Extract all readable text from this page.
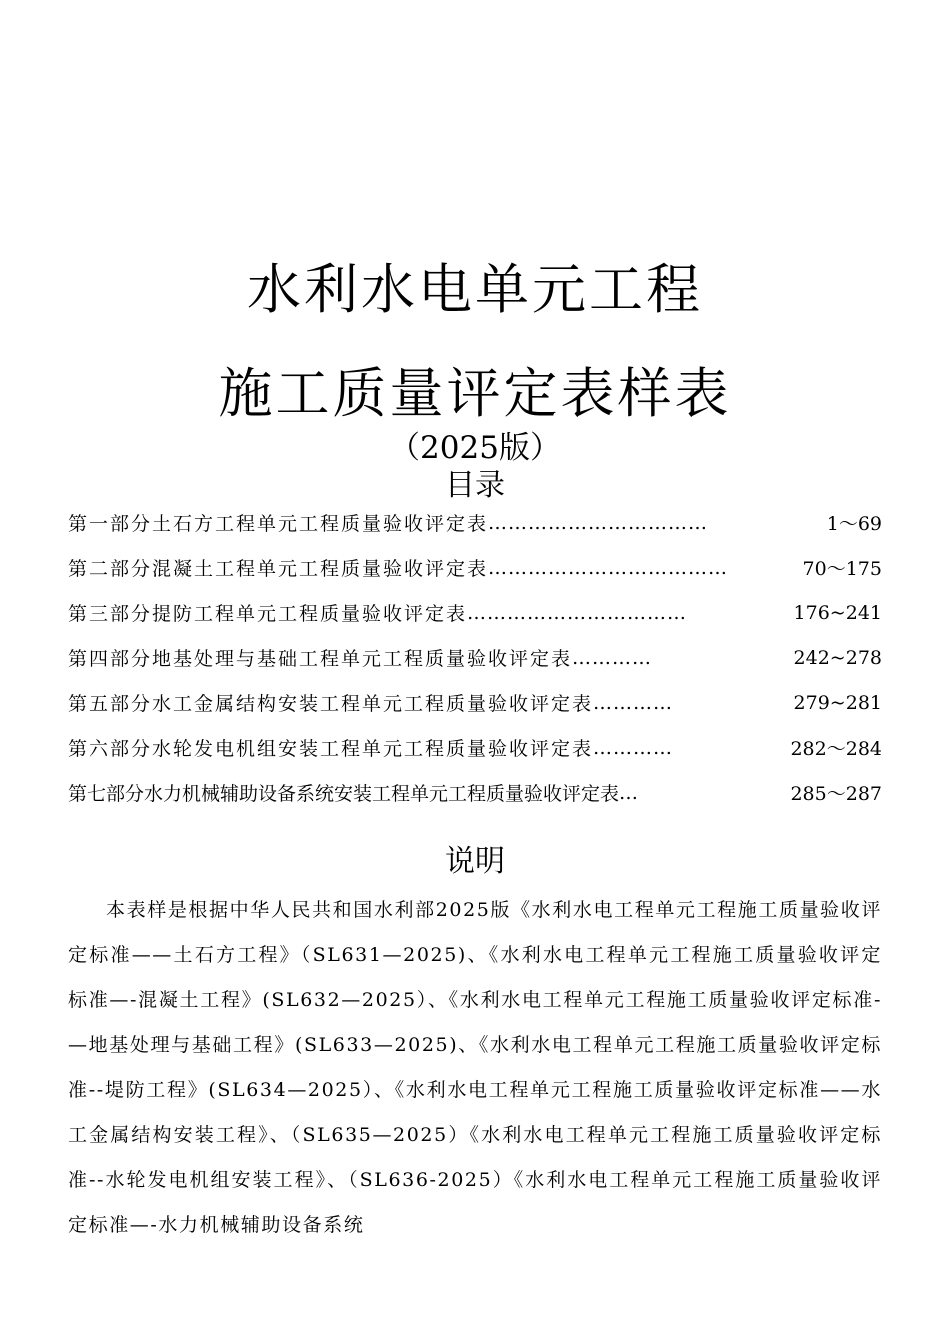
水利水电单元工程
施工质量评定表样表
（2025版）
目录
第一部分土石方工程单元工程质量验收评定表 ……………………………	1～69
第二部分混凝土工程单元工程质量验收评定表 ………………………………	70～175
第三部分提防工程单元工程质量验收评定表 ……………………………	176~241
第四部分地基处理与基础工程单元工程质量验收评定表 …………	242~278
第五部分水工金属结构安装工程单元工程质量验收评定表 …………	279~281
第六部分水轮发电机组安装工程单元工程质量验收评定表 …………	282～284
第七部分水力机械辅助设备系统安装工程单元工程质量验收评定表 …	285～287
说明

本表样是根据中华人民共和国水利部2025版《水利水电工程单元工程施工质量验收评定标准——土石方工程》（SL631—2025)、《水利水电工程单元工程施工质量验收评定标准—-混凝土工程》(SL632—2025）、《水利水电工程单元工程施工质量验收评定标准-—地基处理与基础工程》(SL633—2025)、《水利水电工程单元工程施工质量验收评定标准--堤防工程》(SL634—2025）、《水利水电工程单元工程施工质量验收评定标准——水工金属结构安装工程》、（SL635—2025）《水利水电工程单元工程施工质量验收评定标准--水轮发电机组安装工程》、（SL636-2025）《水利水电工程单元工程施工质量验收评定标准—-水力机械辅助设备系统
